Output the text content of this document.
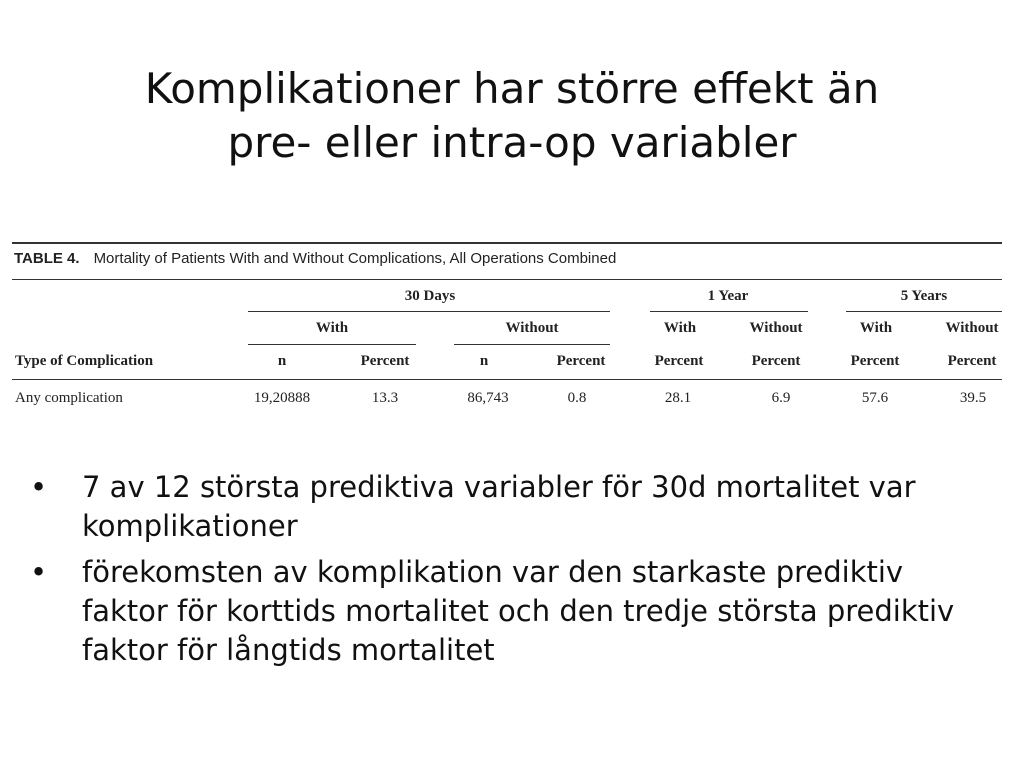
Komplikationer har större effekt än
pre- eller intra-op variabler
TABLE 4. Mortality of Patients With and Without Complications, All Operations Combined
30 Days	1 Year	5 Years
With	Without	With	Without	With	Without
Type of Complication	n	Percent	n	Percent	Percent	Percent	Percent	Percent
Any complication	19,20888	13.3	86,743	0.8	28.1	6.9	57.6	39.5
• 7 av 12 största prediktiva variabler för 30d mortalitet var komplikationer
• förekomsten av komplikation var den starkaste prediktiv faktor för korttids mortalitet och den tredje största prediktiv faktor för långtids mortalitet
